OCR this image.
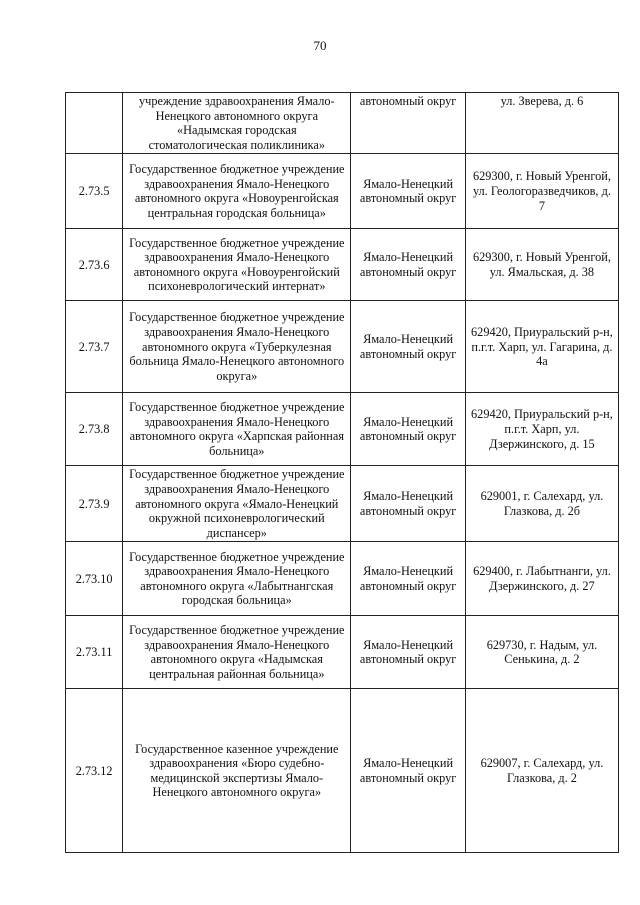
70
	учреждение здравоохранения Ямало-Ненецкого автономного округа «Надымская городская стоматологическая поликлиника»	автономный округ	ул. Зверева, д. 6
2.73.5	Государственное бюджетное учреждение здравоохранения Ямало-Ненецкого автономного округа «Новоуренгойская центральная городская больница»	Ямало-Ненецкий автономный округ	629300, г. Новый Уренгой, ул. Геологоразведчиков, д. 7
2.73.6	Государственное бюджетное учреждение здравоохранения Ямало-Ненецкого автономного округа «Новоуренгойский психоневрологический интернат»	Ямало-Ненецкий автономный округ	629300, г. Новый Уренгой, ул. Ямальская, д. 38
2.73.7	Государственное бюджетное учреждение здравоохранения Ямало-Ненецкого автономного округа «Туберкулезная больница Ямало-Ненецкого автономного округа»	Ямало-Ненецкий автономный округ	629420, Приуральский р-н, п.г.т. Харп, ул. Гагарина, д. 4а
2.73.8	Государственное бюджетное учреждение здравоохранения Ямало-Ненецкого автономного округа «Харпская районная больница»	Ямало-Ненецкий автономный округ	629420, Приуральский р-н, п.г.т. Харп, ул. Дзержинского, д. 15
2.73.9	Государственное бюджетное учреждение здравоохранения Ямало-Ненецкого автономного округа «Ямало-Ненецкий окружной психоневрологический диспансер»	Ямало-Ненецкий автономный округ	629001, г. Салехард, ул. Глазкова, д. 2б
2.73.10	Государственное бюджетное учреждение здравоохранения Ямало-Ненецкого автономного округа «Лабытнангская городская больница»	Ямало-Ненецкий автономный округ	629400, г. Лабытнанги, ул. Дзержинского, д. 27
2.73.11	Государственное бюджетное учреждение здравоохранения Ямало-Ненецкого автономного округа «Надымская центральная районная больница»	Ямало-Ненецкий автономный округ	629730, г. Надым, ул. Сенькина, д. 2
2.73.12	Государственное казенное учреждение здравоохранения «Бюро судебно-медицинской экспертизы Ямало-Ненецкого автономного округа»	Ямало-Ненецкий автономный округ	629007, г. Салехард, ул. Глазкова, д. 2
